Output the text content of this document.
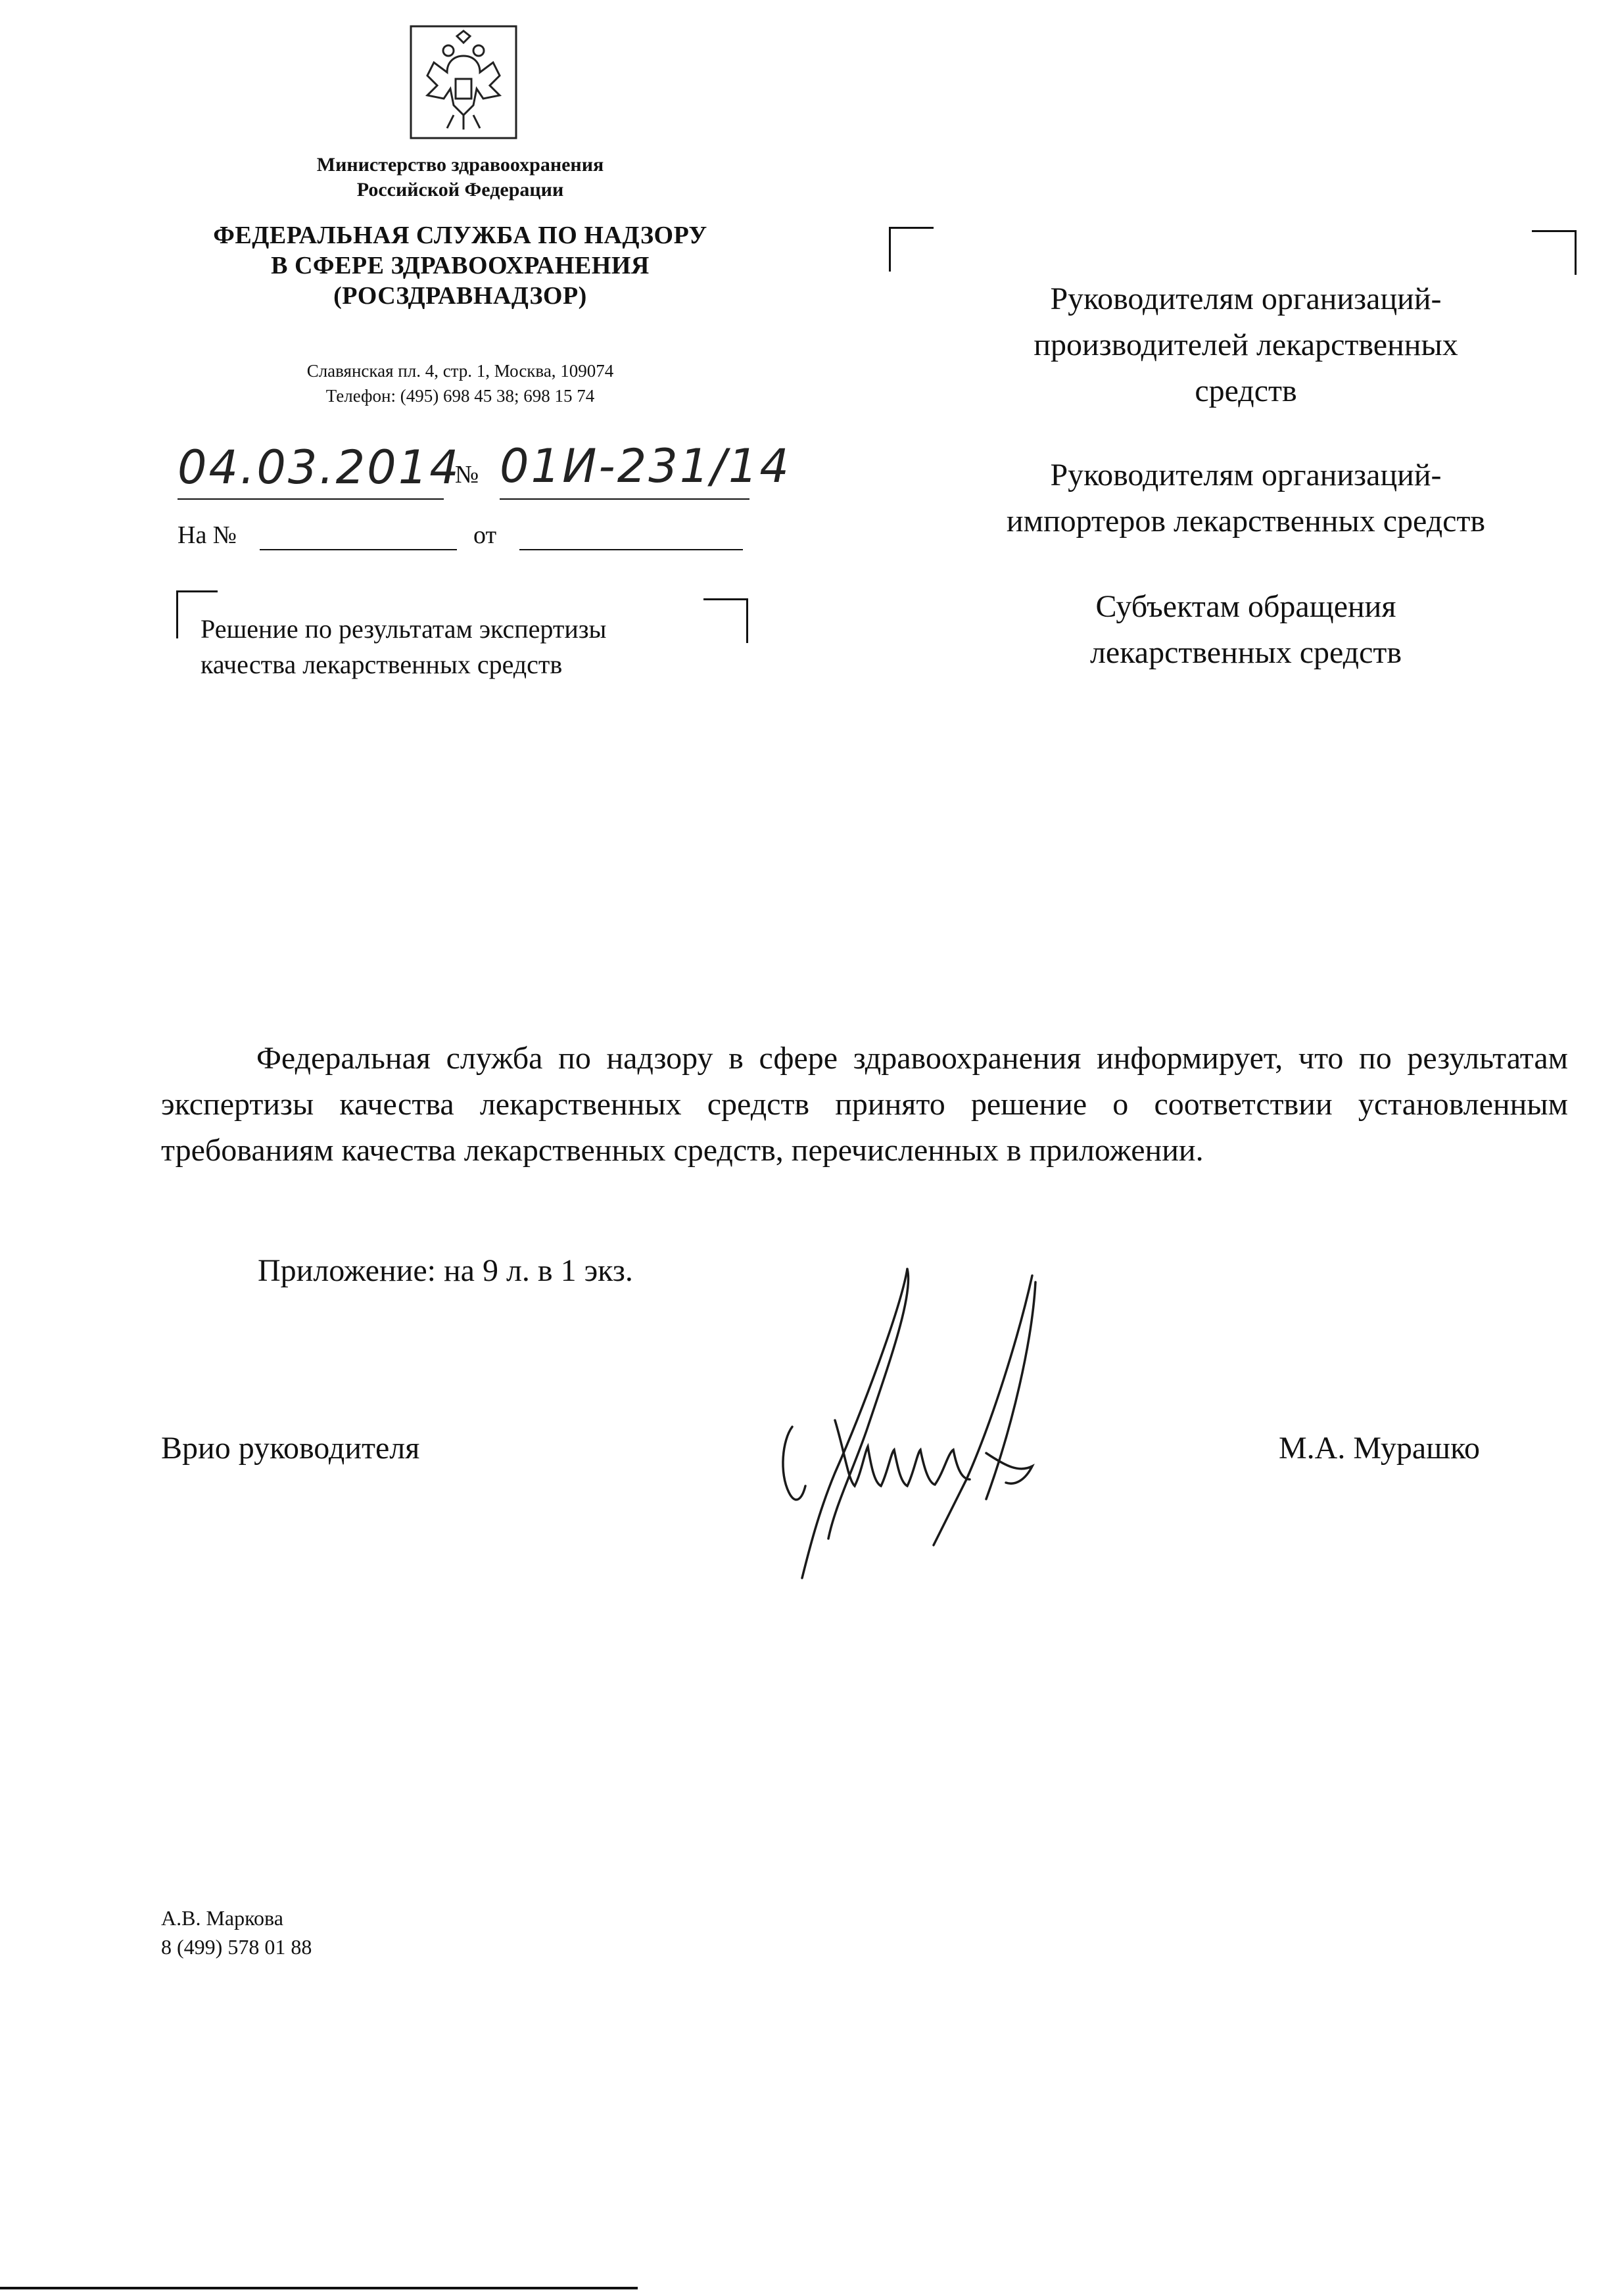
Министерство здравоохранения
Российской Федерации
ФЕДЕРАЛЬНАЯ СЛУЖБА ПО НАДЗОРУ
В СФЕРЕ ЗДРАВООХРАНЕНИЯ
(РОСЗДРАВНАДЗОР)
Славянская пл. 4, стр. 1, Москва, 109074
Телефон: (495) 698 45 38; 698 15 74
04.03.2014
№ 01И-231/14
На №	от
Решение по результатам экспертизы
качества лекарственных средств
Руководителям организаций-
производителей лекарственных
средств
Руководителям организаций-
импортеров лекарственных средств
Субъектам обращения
лекарственных средств

Федеральная служба по надзору в сфере здравоохранения информирует, что по результатам экспертизы качества лекарственных средств принято решение о соответствии установленным требованиям качества лекарственных средств, перечисленных в приложении.

Приложение: на 9 л. в 1 экз.
Врио руководителя	М.А. Мурашко
А.В. Маркова
8 (499) 578 01 88
